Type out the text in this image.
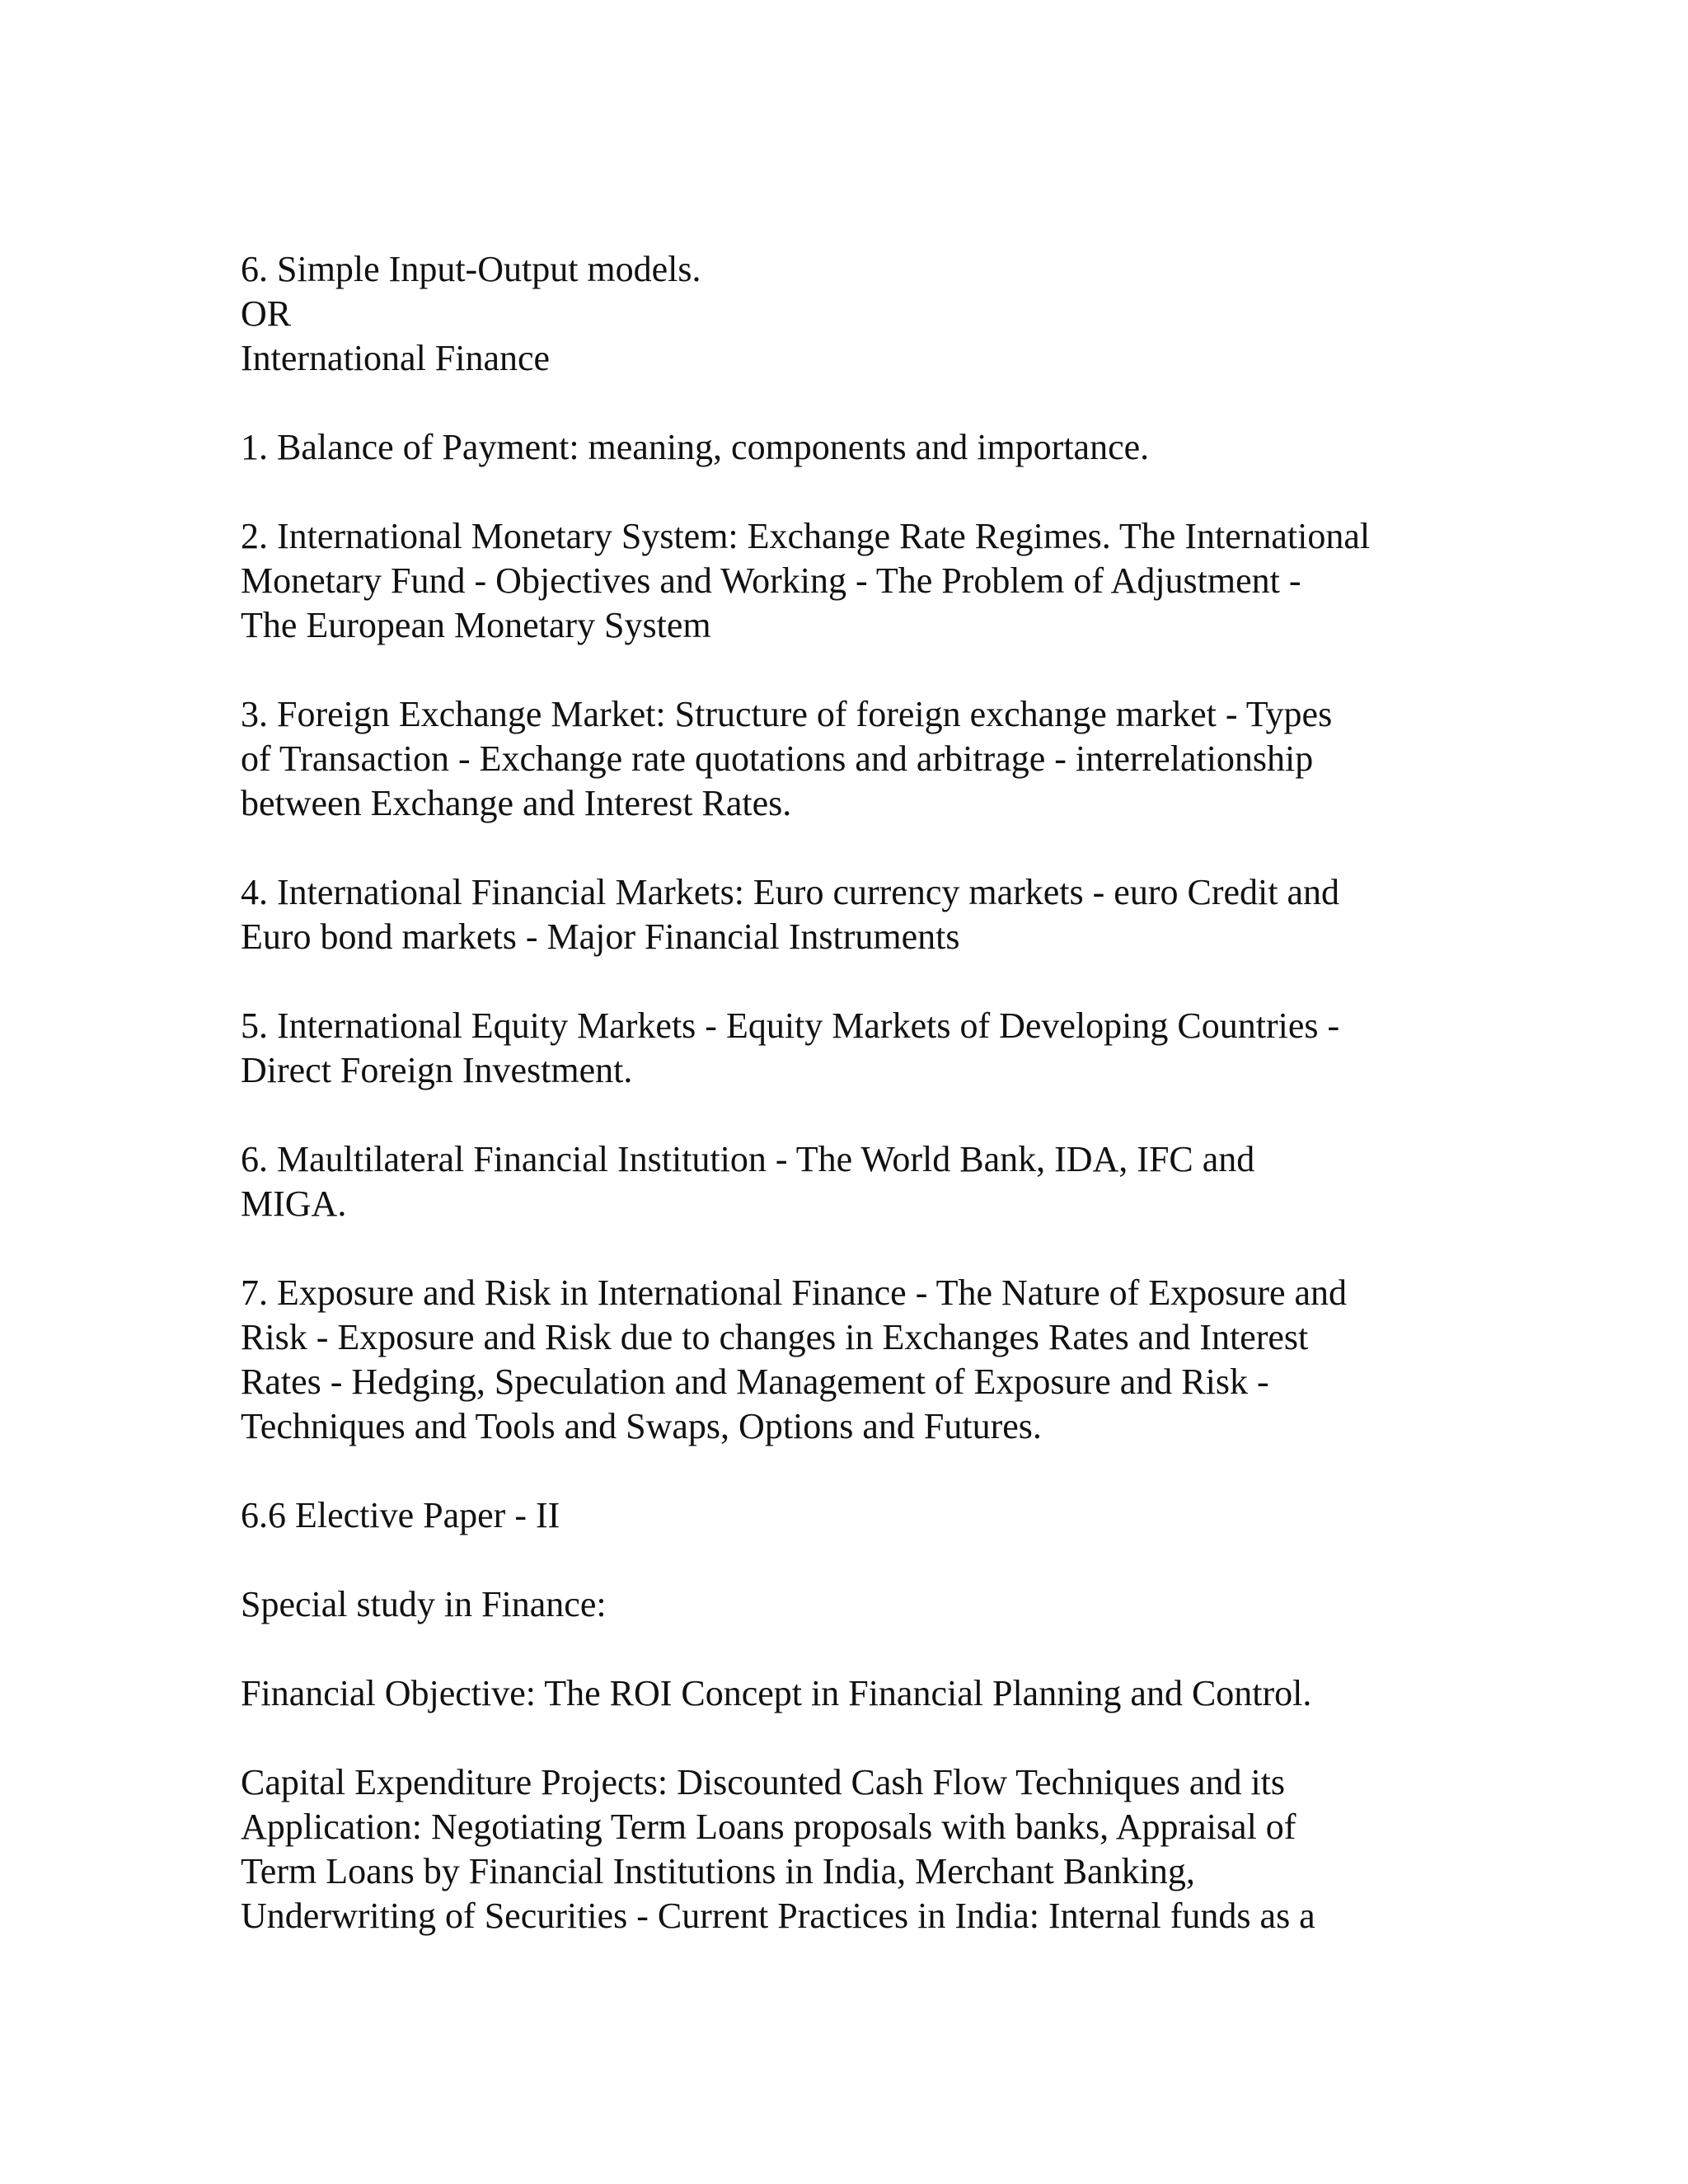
6. Simple Input-Output models.
OR
International Finance
1. Balance of Payment: meaning, components and importance.
2. International Monetary System: Exchange Rate Regimes. The International
Monetary Fund - Objectives and Working - The Problem of Adjustment -
The European Monetary System
3. Foreign Exchange Market: Structure of foreign exchange market - Types
of Transaction - Exchange rate quotations and arbitrage - interrelationship
between Exchange and Interest Rates.
4. International Financial Markets: Euro currency markets - euro Credit and
Euro bond markets - Major Financial Instruments
5. International Equity Markets - Equity Markets of Developing Countries -
Direct Foreign Investment.
6. Maultilateral Financial Institution - The World Bank, IDA, IFC and
MIGA.
7. Exposure and Risk in International Finance - The Nature of Exposure and
Risk - Exposure and Risk due to changes in Exchanges Rates and Interest
Rates - Hedging, Speculation and Management of Exposure and Risk -
Techniques and Tools and Swaps, Options and Futures.
6.6 Elective Paper - II
Special study in Finance:
Financial Objective: The ROI Concept in Financial Planning and Control.
Capital Expenditure Projects: Discounted Cash Flow Techniques and its
Application: Negotiating Term Loans proposals with banks, Appraisal of
Term Loans by Financial Institutions in India, Merchant Banking,
Underwriting of Securities - Current Practices in India: Internal funds as a
